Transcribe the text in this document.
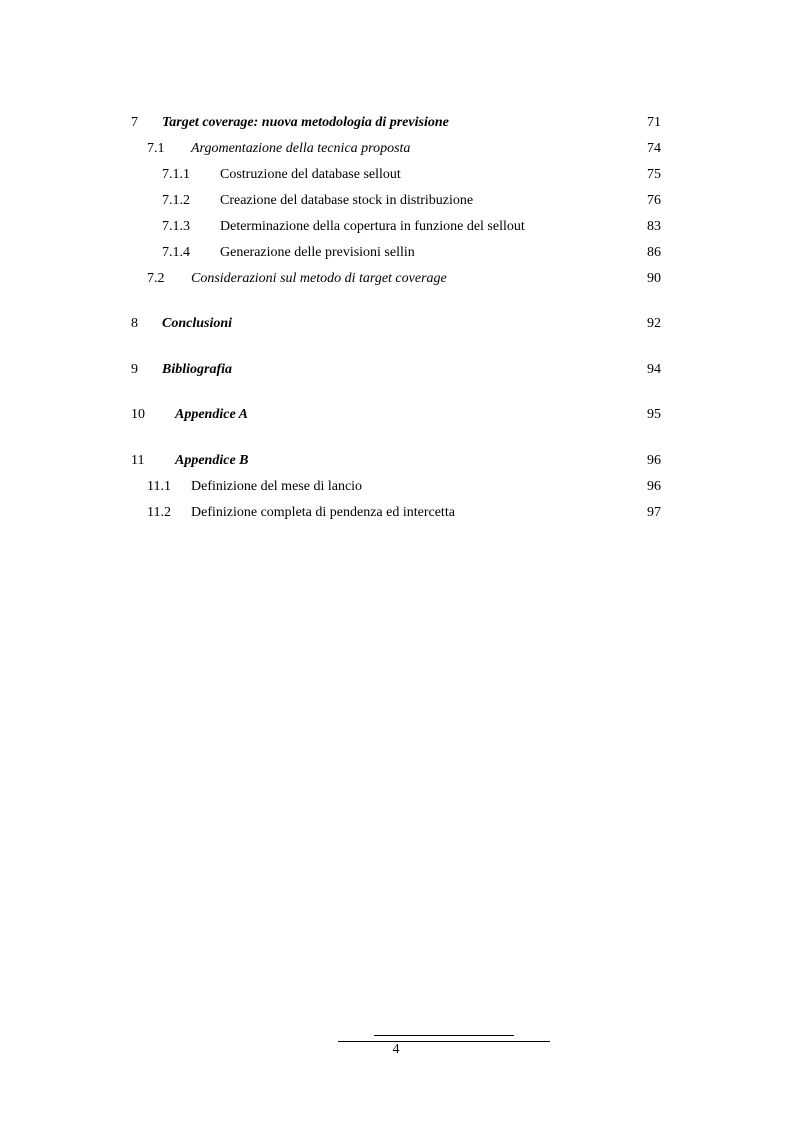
7 Target coverage: nuova metodologia di previsione	71
7.1 Argomentazione della tecnica proposta	74
7.1.1 Costruzione del database sellout	75
7.1.2 Creazione del database stock in distribuzione	76
7.1.3 Determinazione della copertura in funzione del sellout	83
7.1.4 Generazione delle previsioni sellin	86
7.2 Considerazioni sul metodo di target coverage	90
8 Conclusioni	92
9 Bibliografia	94
10 Appendice A	95
11 Appendice B	96
11.1 Definizione del mese di lancio	96
11.2 Definizione completa di pendenza ed intercetta	97
4
